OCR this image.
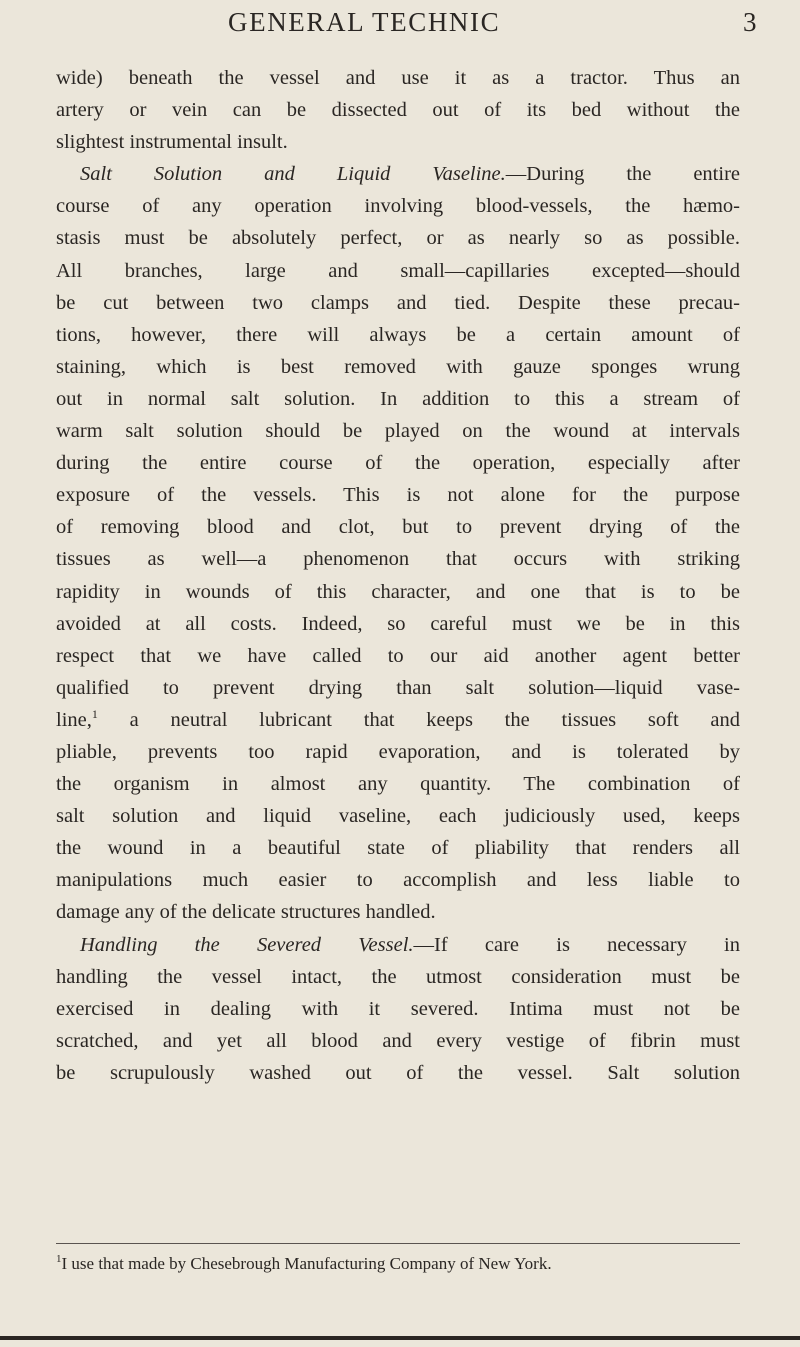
GENERAL TECHNIC	3
wide) beneath the vessel and use it as a tractor. Thus an
artery or vein can be dissected out of its bed without the
slightest instrumental insult.
Salt Solution and Liquid Vaseline.—During the entire
course of any operation involving blood-vessels, the hæmo-
stasis must be absolutely perfect, or as nearly so as possible.
All branches, large and small—capillaries excepted—should
be cut between two clamps and tied. Despite these precau-
tions, however, there will always be a certain amount of
staining, which is best removed with gauze sponges wrung
out in normal salt solution. In addition to this a stream of
warm salt solution should be played on the wound at intervals
during the entire course of the operation, especially after
exposure of the vessels. This is not alone for the purpose
of removing blood and clot, but to prevent drying of the
tissues as well—a phenomenon that occurs with striking
rapidity in wounds of this character, and one that is to be
avoided at all costs. Indeed, so careful must we be in this
respect that we have called to our aid another agent better
qualified to prevent drying than salt solution—liquid vase-
line,$^1$ a neutral lubricant that keeps the tissues soft and
pliable, prevents too rapid evaporation, and is tolerated by
the organism in almost any quantity. The combination of
salt solution and liquid vaseline, each judiciously used, keeps
the wound in a beautiful state of pliability that renders all
manipulations much easier to accomplish and less liable to
damage any of the delicate structures handled.
Handling the Severed Vessel.—If care is necessary in
handling the vessel intact, the utmost consideration must be
exercised in dealing with it severed. Intima must not be
scratched, and yet all blood and every vestige of fibrin must
be scrupulously washed out of the vessel. Salt solution
$^1$I use that made by Chesebrough Manufacturing Company of New York.
